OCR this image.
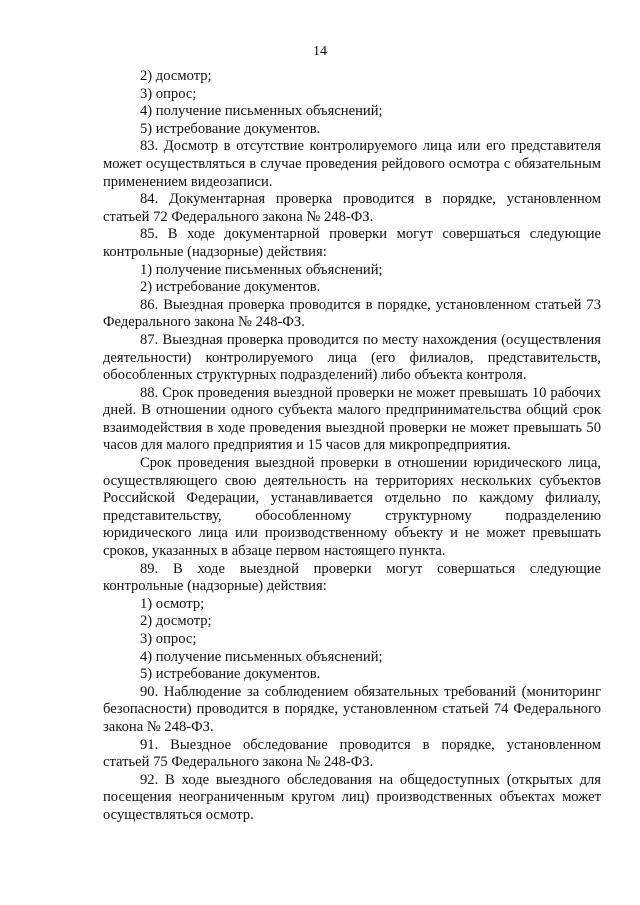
14

2) досмотр;

3) опрос;

4) получение письменных объяснений;

5) истребование документов.

83. Досмотр в отсутствие контролируемого лица или его представителя может осуществляться в случае проведения рейдового осмотра с обязательным применением видеозаписи.

84. Документарная проверка проводится в порядке, установленном статьей 72 Федерального закона № 248-ФЗ.

85. В ходе документарной проверки могут совершаться следующие контрольные (надзорные) действия:

1) получение письменных объяснений;

2) истребование документов.

86. Выездная проверка проводится в порядке, установленном статьей 73 Федерального закона № 248-ФЗ.

87. Выездная проверка проводится по месту нахождения (осуществления деятельности) контролируемого лица (его филиалов, представительств, обособленных структурных подразделений) либо объекта контроля.

88. Срок проведения выездной проверки не может превышать 10 рабочих дней. В отношении одного субъекта малого предпринимательства общий срок взаимодействия в ходе проведения выездной проверки не может превышать 50 часов для малого предприятия и 15 часов для микропредприятия.

Срок проведения выездной проверки в отношении юридического лица, осуществляющего свою деятельность на территориях нескольких субъектов Российской Федерации, устанавливается отдельно по каждому филиалу, представительству, обособленному структурному подразделению юридического лица или производственному объекту и не может превышать сроков, указанных в абзаце первом настоящего пункта.

89. В ходе выездной проверки могут совершаться следующие контрольные (надзорные) действия:

1) осмотр;

2) досмотр;

3) опрос;

4) получение письменных объяснений;

5) истребование документов.

90. Наблюдение за соблюдением обязательных требований (мониторинг безопасности) проводится в порядке, установленном статьей 74 Федерального закона № 248-ФЗ.

91. Выездное обследование проводится в порядке, установленном статьей 75 Федерального закона № 248-ФЗ.

92. В ходе выездного обследования на общедоступных (открытых для посещения неограниченным кругом лиц) производственных объектах может осуществляться осмотр.
